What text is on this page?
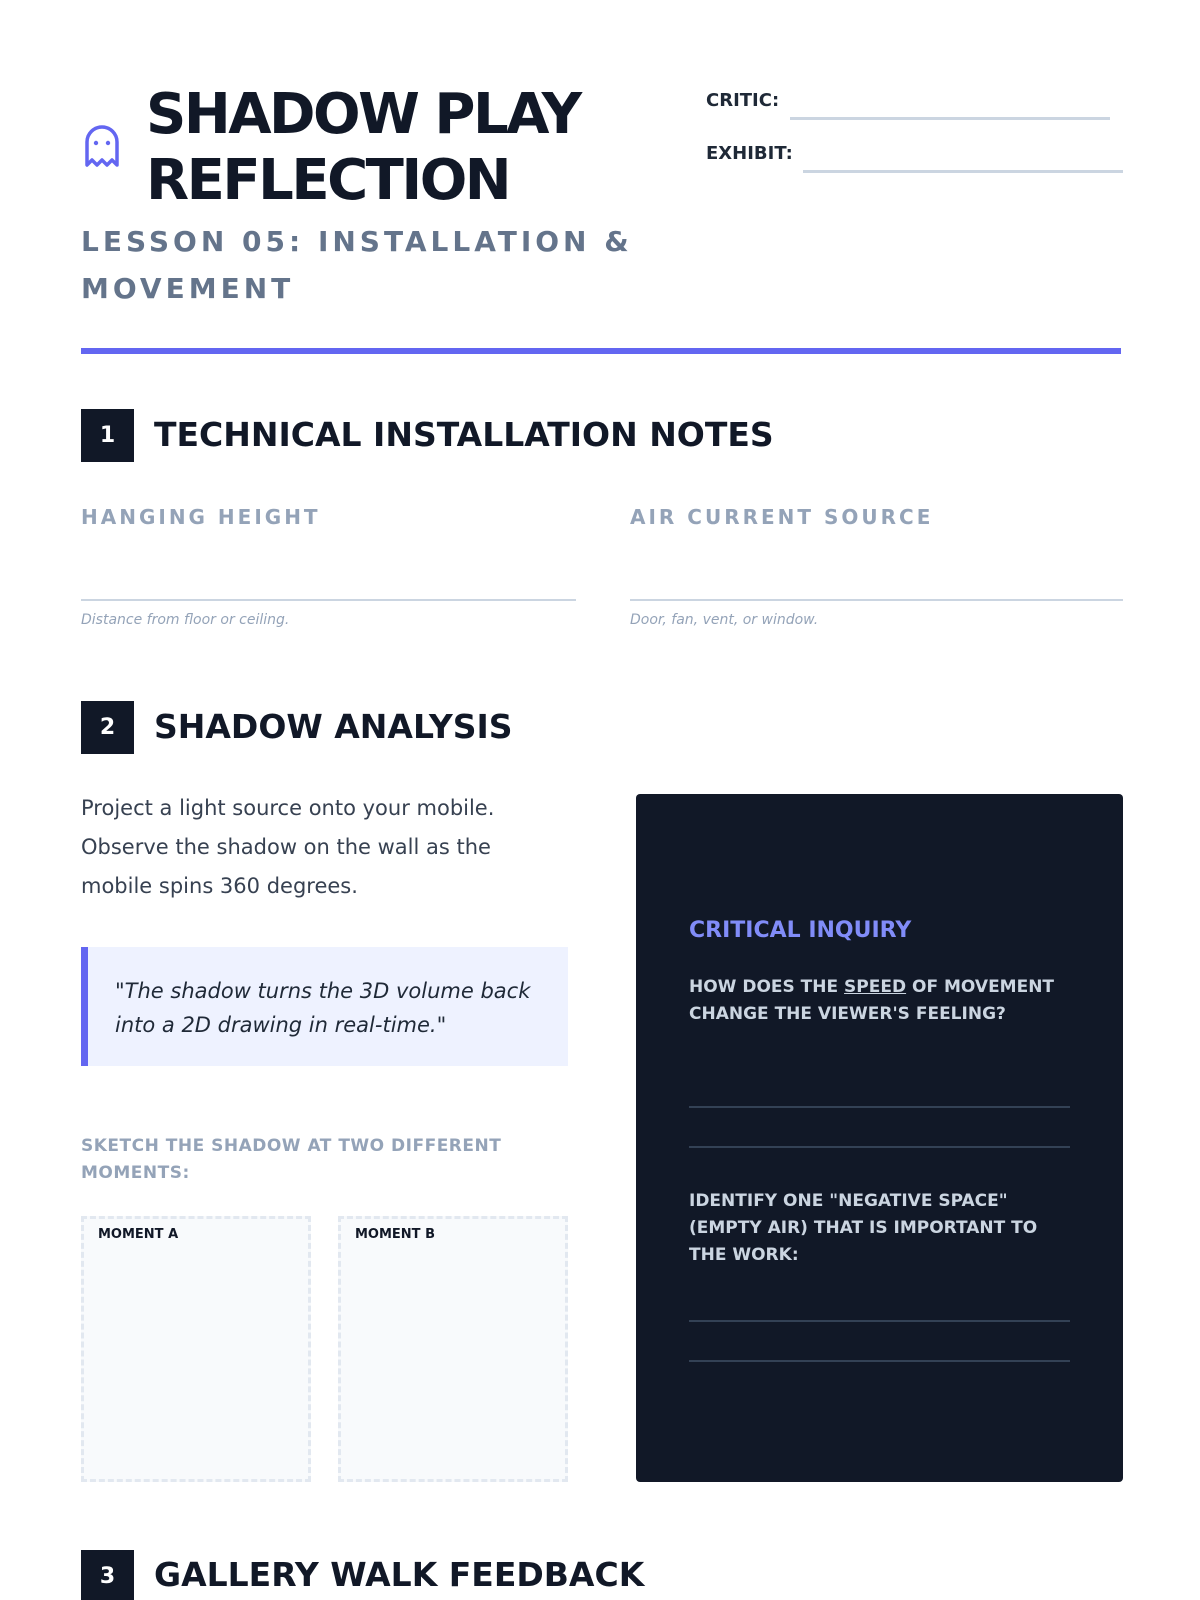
SHADOW PLAY REFLECTION
LESSON 05: INSTALLATION & MOVEMENT
CRITIC:
EXHIBIT:
1	TECHNICAL INSTALLATION NOTES
HANGING HEIGHT
Distance from floor or ceiling.
AIR CURRENT SOURCE
Door, fan, vent, or window.
2	SHADOW ANALYSIS

Project a light source onto your mobile. Observe the shadow on the wall as the mobile spins 360 degrees.

"The shadow turns the 3D volume back into a 2D drawing in real-time."
SKETCH THE SHADOW AT TWO DIFFERENT MOMENTS:
MOMENT A	MOMENT B
CRITICAL INQUIRY
HOW DOES THE SPEED OF MOVEMENT CHANGE THE VIEWER'S FEELING?
IDENTIFY ONE "NEGATIVE SPACE" (EMPTY AIR) THAT IS IMPORTANT TO THE WORK:
3	GALLERY WALK FEEDBACK
